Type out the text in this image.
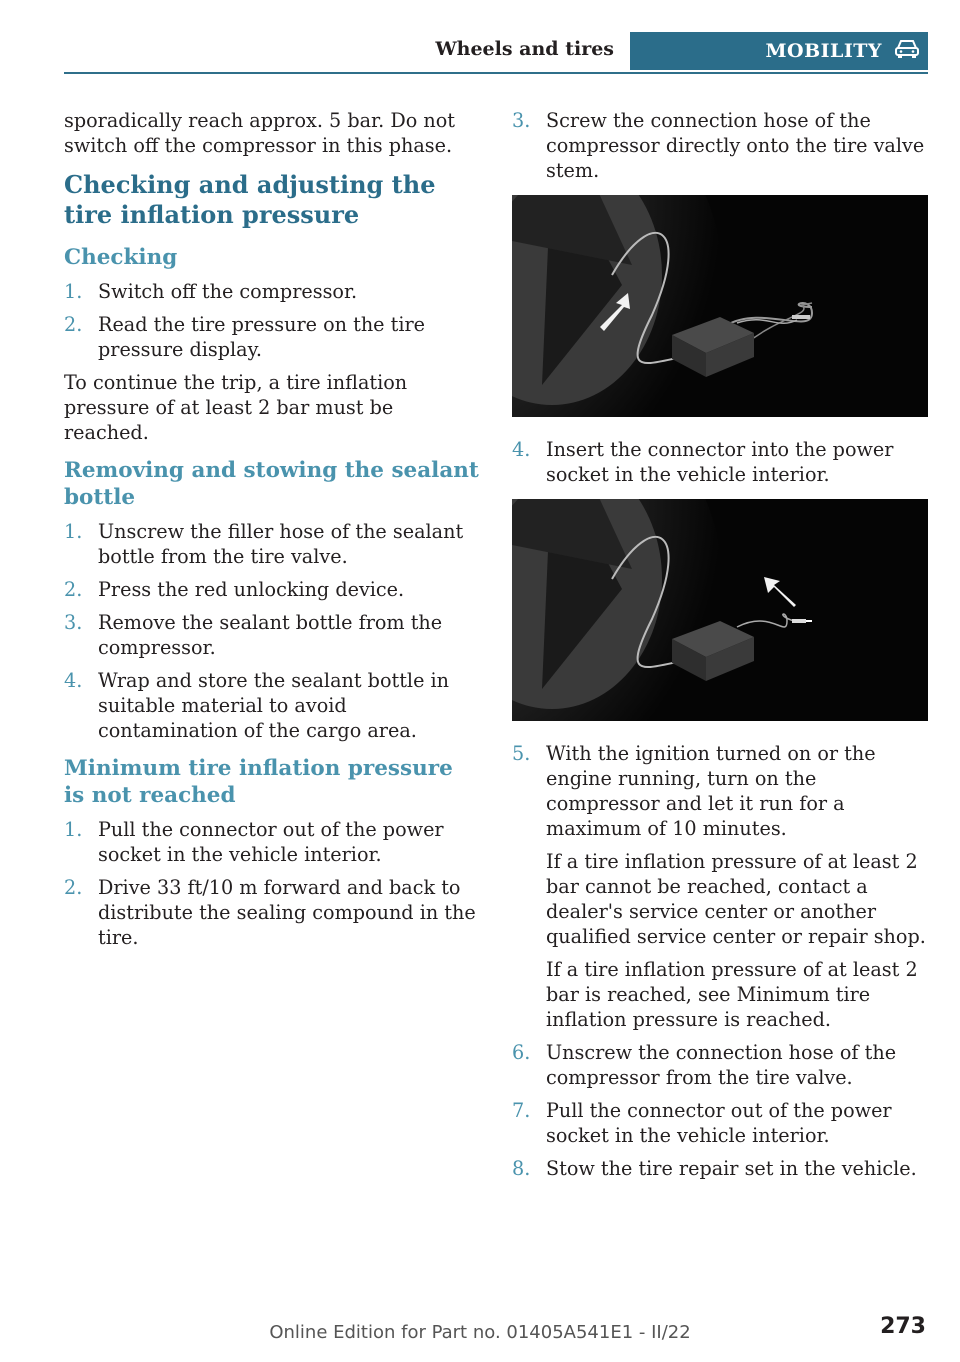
Wheels and tires	MOBILITY

sporadically reach approx. 5 bar. Do not switch off the compressor in this phase.

Checking and adjusting the tire inflation pressure
Checking
1. Switch off the compressor.
2. Read the tire pressure on the tire pressure display.

To continue the trip, a tire inflation pressure of at least 2 bar must be reached.

Removing and stowing the sealant bottle
1. Unscrew the filler hose of the sealant bottle from the tire valve.
2. Press the red unlocking device.
3. Remove the sealant bottle from the compressor.
4. Wrap and store the sealant bottle in suitable material to avoid contamination of the cargo area.
Minimum tire inflation pressure is not reached
1. Pull the connector out of the power socket in the vehicle interior.
2. Drive 33 ft/10 m forward and back to distribute the sealing compound in the tire.
3. Screw the connection hose of the compressor directly onto the tire valve stem.
4. Insert the connector into the power socket in the vehicle interior.
5. With the ignition turned on or the engine running, turn on the compressor and let it run for a maximum of 10 minutes.
If a tire inflation pressure of at least 2 bar cannot be reached, contact a dealer's service center or another qualified service center or repair shop.
If a tire inflation pressure of at least 2 bar is reached, see Minimum tire inflation pressure is reached.
6. Unscrew the connection hose of the compressor from the tire valve.
7. Pull the connector out of the power socket in the vehicle interior.
8. Stow the tire repair set in the vehicle.
Online Edition for Part no. 01405A541E1 - II/22	273
